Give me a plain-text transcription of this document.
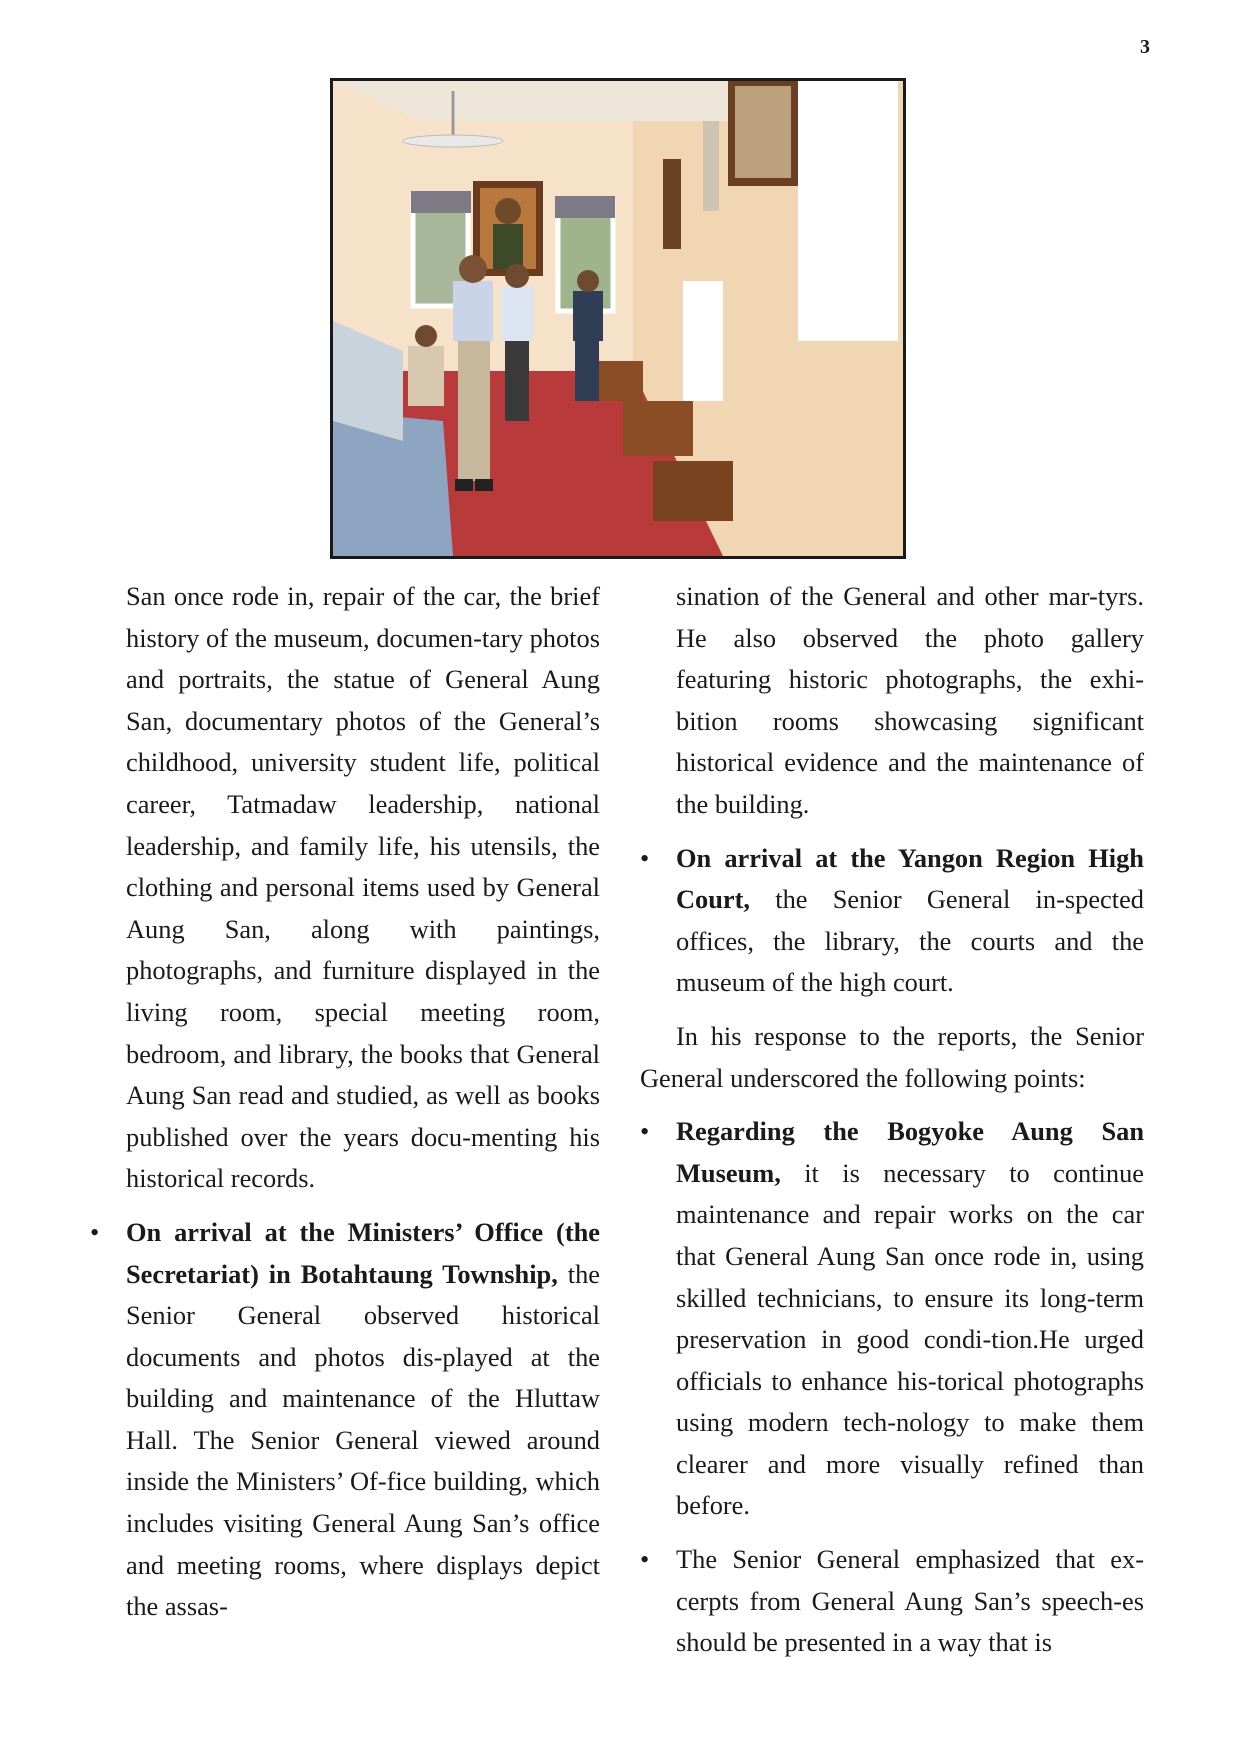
3

San once rode in, repair of the car, the brief history of the museum, documen-tary photos and portraits, the statue of General Aung San, documentary photos of the General’s childhood, university student life, political career, Tatmadaw leadership, national leadership, and family life, his utensils, the clothing and personal items used by General Aung San, along with paintings, photographs, and furniture displayed in the living room, special meeting room, bedroom, and library, the books that General Aung San read and studied, as well as books published over the years docu-menting his historical records.

• On arrival at the Ministers’ Office (the Secretariat) in Botahtaung Township, the Senior General observed historical documents and photos dis-played at the building and maintenance of the Hluttaw Hall. The Senior General viewed around inside the Ministers’ Of-fice building, which includes visiting General Aung San’s office and meeting rooms, where displays depict the assas-

sination of the General and other mar-tyrs. He also observed the photo gallery featuring historic photographs, the exhi-bition rooms showcasing significant historical evidence and the maintenance of the building.

• On arrival at the Yangon Region High Court, the Senior General in-spected offices, the library, the courts and the museum of the high court.

In his response to the reports, the Senior General underscored the following points:

• Regarding the Bogyoke Aung San Museum, it is necessary to continue maintenance and repair works on the car that General Aung San once rode in, using skilled technicians, to ensure its long-term preservation in good condi-tion.He urged officials to enhance his-torical photographs using modern tech-nology to make them clearer and more visually refined than before.

• The Senior General emphasized that ex-cerpts from General Aung San’s speech-es should be presented in a way that is
